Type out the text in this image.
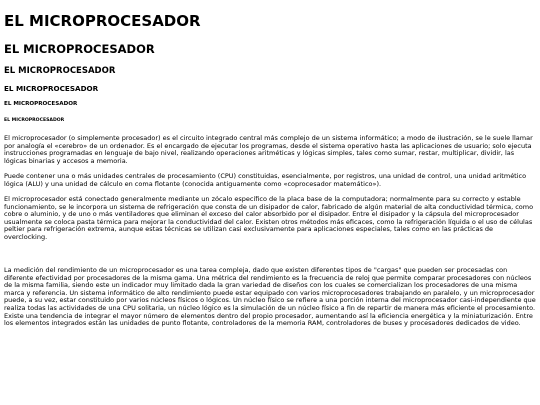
EL MICROPROCESADOR
EL MICROPROCESADOR
EL MICROPROCESADOR
EL MICROPROCESADOR
EL MICROPROCESADOR
EL MICROPROCESADOR

El microprocesador (o simplemente procesador) es el circuito integrado central más complejo de un sistema informático; a modo de ilustración, se le suele llamar por analogía el «cerebro» de un ordenador. Es el encargado de ejecutar los programas, desde el sistema operativo hasta las aplicaciones de usuario; solo ejecuta instrucciones programadas en lenguaje de bajo nivel, realizando operaciones aritméticas y lógicas simples, tales como sumar, restar, multiplicar, dividir, las lógicas binarias y accesos a memoria.

Puede contener una o más unidades centrales de procesamiento (CPU) constituidas, esencialmente, por registros, una unidad de control, una unidad aritmético lógica (ALU) y una unidad de cálculo en coma flotante (conocida antiguamente como «coprocesador matemático»).

El microprocesador está conectado generalmente mediante un zócalo específico de la placa base de la computadora; normalmente para su correcto y estable funcionamiento, se le incorpora un sistema de refrigeración que consta de un disipador de calor, fabricado de algún material de alta conductividad térmica, como cobre o aluminio, y de uno o más ventiladores que eliminan el exceso del calor absorbido por el disipador. Entre el disipador y la cápsula del microprocesador usualmente se coloca pasta térmica para mejorar la conductividad del calor. Existen otros métodos más eficaces, como la refrigeración líquida o el uso de células peltier para refrigeración extrema, aunque estas técnicas se utilizan casi exclusivamente para aplicaciones especiales, tales como en las prácticas de overclocking.

La medición del rendimiento de un microprocesador es una tarea compleja, dado que existen diferentes tipos de "cargas" que pueden ser procesadas con diferente efectividad por procesadores de la misma gama. Una métrica del rendimiento es la frecuencia de reloj que permite comparar procesadores con núcleos de la misma familia, siendo este un indicador muy limitado dada la gran variedad de diseños con los cuales se comercializan los procesadores de una misma marca y referencia. Un sistema informático de alto rendimiento puede estar equipado con varios microprocesadores trabajando en paralelo, y un microprocesador puede, a su vez, estar constituido por varios núcleos físicos o lógicos. Un núcleo físico se refiere a una porción interna del microprocesador casi-independiente que realiza todas las actividades de una CPU solitaria, un núcleo lógico es la simulación de un núcleo físico a fin de repartir de manera más eficiente el procesamiento. Existe una tendencia de integrar el mayor número de elementos dentro del propio procesador, aumentando así la eficiencia energética y la miniaturización. Entre los elementos integrados están las unidades de punto flotante, controladores de la memoria RAM, controladores de buses y procesadores dedicados de video.
